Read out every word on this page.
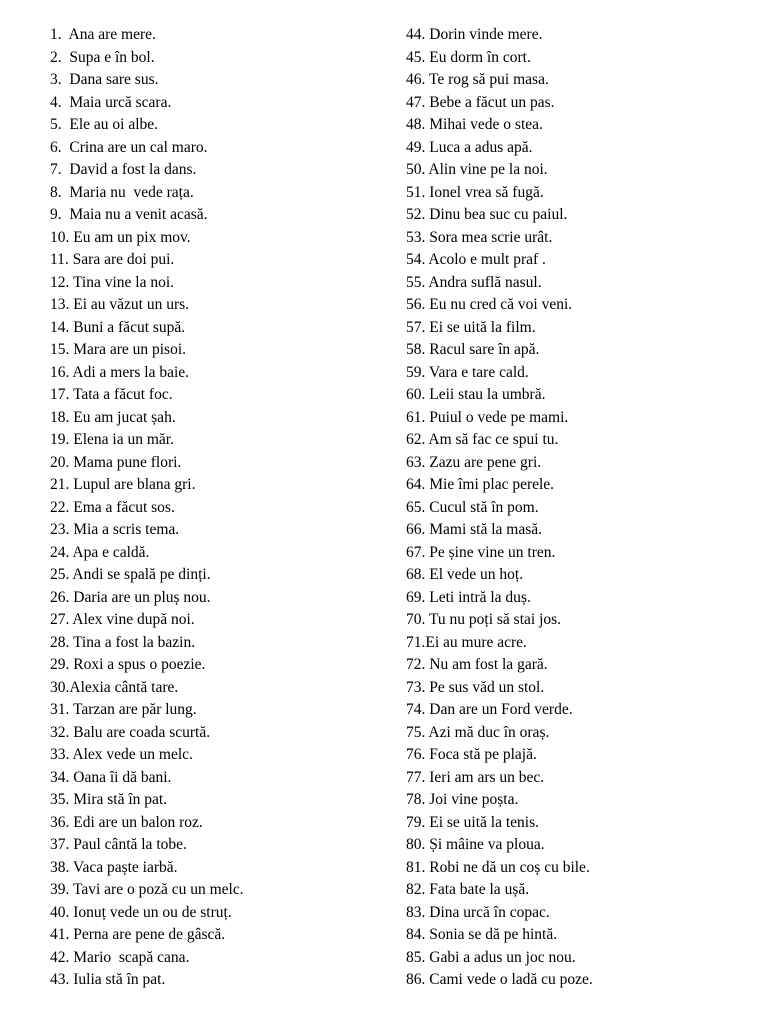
1.  Ana are mere.
2.  Supa e în bol.
3.  Dana sare sus.
4.  Maia urcă scara.
5.  Ele au oi albe.
6.  Crina are un cal maro.
7.  David a fost la dans.
8.  Maria nu  vede rața.
9.  Maia nu a venit acasă.
10. Eu am un pix mov.
11. Sara are doi pui.
12. Tina vine la noi.
13. Ei au văzut un urs.
14. Buni a făcut supă.
15. Mara are un pisoi.
16. Adi a mers la baie.
17. Tata a făcut foc.
18. Eu am jucat șah.
19. Elena ia un măr.
20. Mama pune flori.
21. Lupul are blana gri.
22. Ema a făcut sos.
23. Mia a scris tema.
24. Apa e caldă.
25. Andi se spală pe dinți.
26. Daria are un pluș nou.
27. Alex vine după noi.
28. Tina a fost la bazin.
29. Roxi a spus o poezie.
30.Alexia cântă tare.
31. Tarzan are păr lung.
32. Balu are coada scurtă.
33. Alex vede un melc.
34. Oana îi dă bani.
35. Mira stă în pat.
36. Edi are un balon roz.
37. Paul cântă la tobe.
38. Vaca paște iarbă.
39. Tavi are o poză cu un melc.
40. Ionuț vede un ou de struț.
41. Perna are pene de gâscă.
42. Mario  scapă cana.
43. Iulia stă în pat.
44. Dorin vinde mere.
45. Eu dorm în cort.
46. Te rog să pui masa.
47. Bebe a făcut un pas.
48. Mihai vede o stea.
49. Luca a adus apă.
50. Alin vine pe la noi.
51. Ionel vrea să fugă.
52. Dinu bea suc cu paiul.
53. Sora mea scrie urât.
54. Acolo e mult praf .
55. Andra suflă nasul.
56. Eu nu cred că voi veni.
57. Ei se uită la film.
58. Racul sare în apă.
59. Vara e tare cald.
60. Leii stau la umbră.
61. Puiul o vede pe mami.
62. Am să fac ce spui tu.
63. Zazu are pene gri.
64. Mie îmi plac perele.
65. Cucul stă în pom.
66. Mami stă la masă.
67. Pe șine vine un tren.
68. El vede un hoț.
69. Leti intră la duș.
70. Tu nu poți să stai jos.
71.Ei au mure acre.
72. Nu am fost la gară.
73. Pe sus văd un stol.
74. Dan are un Ford verde.
75. Azi mă duc în oraș.
76. Foca stă pe plajă.
77. Ieri am ars un bec.
78. Joi vine poșta.
79. Ei se uită la tenis.
80. Și mâine va ploua.
81. Robi ne dă un coș cu bile.
82. Fata bate la ușă.
83. Dina urcă în copac.
84. Sonia se dă pe hintă.
85. Gabi a adus un joc nou.
86. Cami vede o ladă cu poze.
